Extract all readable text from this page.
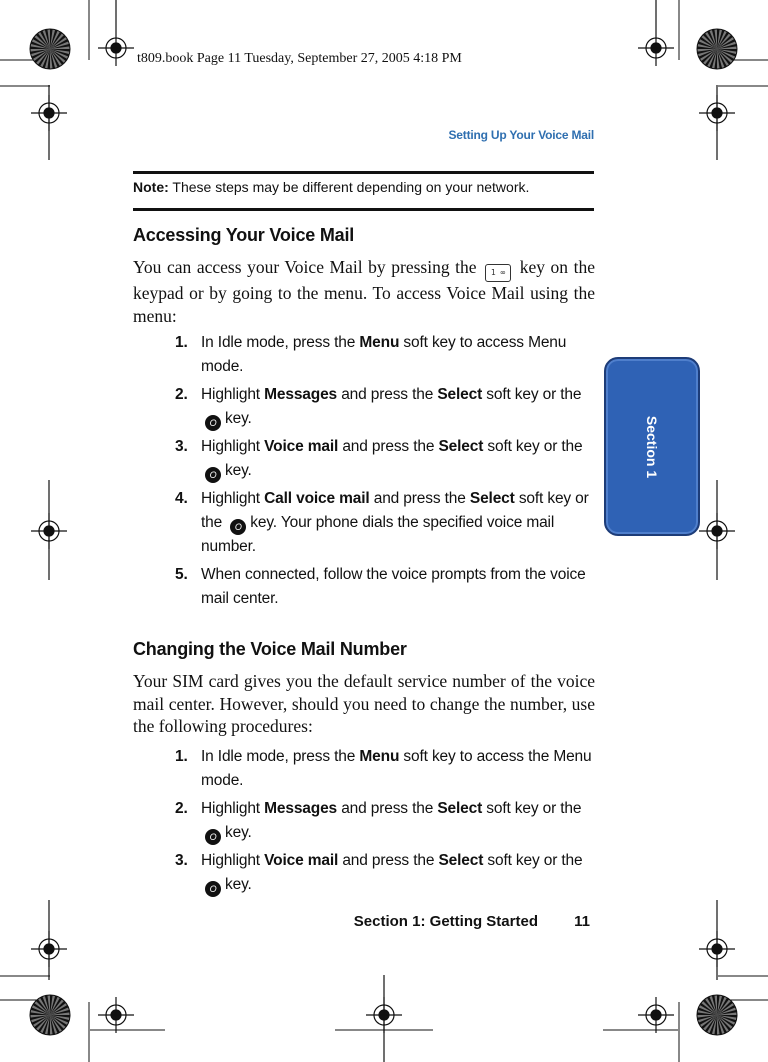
t809.book Page 11 Tuesday, September 27, 2005 4:18 PM
Setting Up Your Voice Mail
Note: These steps may be different depending on your network.
Accessing Your Voice Mail
You can access your Voice Mail by pressing the 1 ∞ key on the keypad or by going to the menu. To access Voice Mail using the menu:
1. In Idle mode, press the Menu soft key to access Menu mode.
2. Highlight Messages and press the Select soft key or the
O key.
3. Highlight Voice mail and press the Select soft key or the O key.
4. Highlight Call voice mail and press the Select soft key or the O key. Your phone dials the specified voice mail number.
5. When connected, follow the voice prompts from the voice mail center.
Changing the Voice Mail Number
Your SIM card gives you the default service number of the voice mail center. However, should you need to change the number, use the following procedures:
1. In Idle mode, press the Menu soft key to access the Menu mode.
2. Highlight Messages and press the Select soft key or the
O key.
3. Highlight Voice mail and press the Select soft key or the
O key.
Section 1
Section 1: Getting Started 11
